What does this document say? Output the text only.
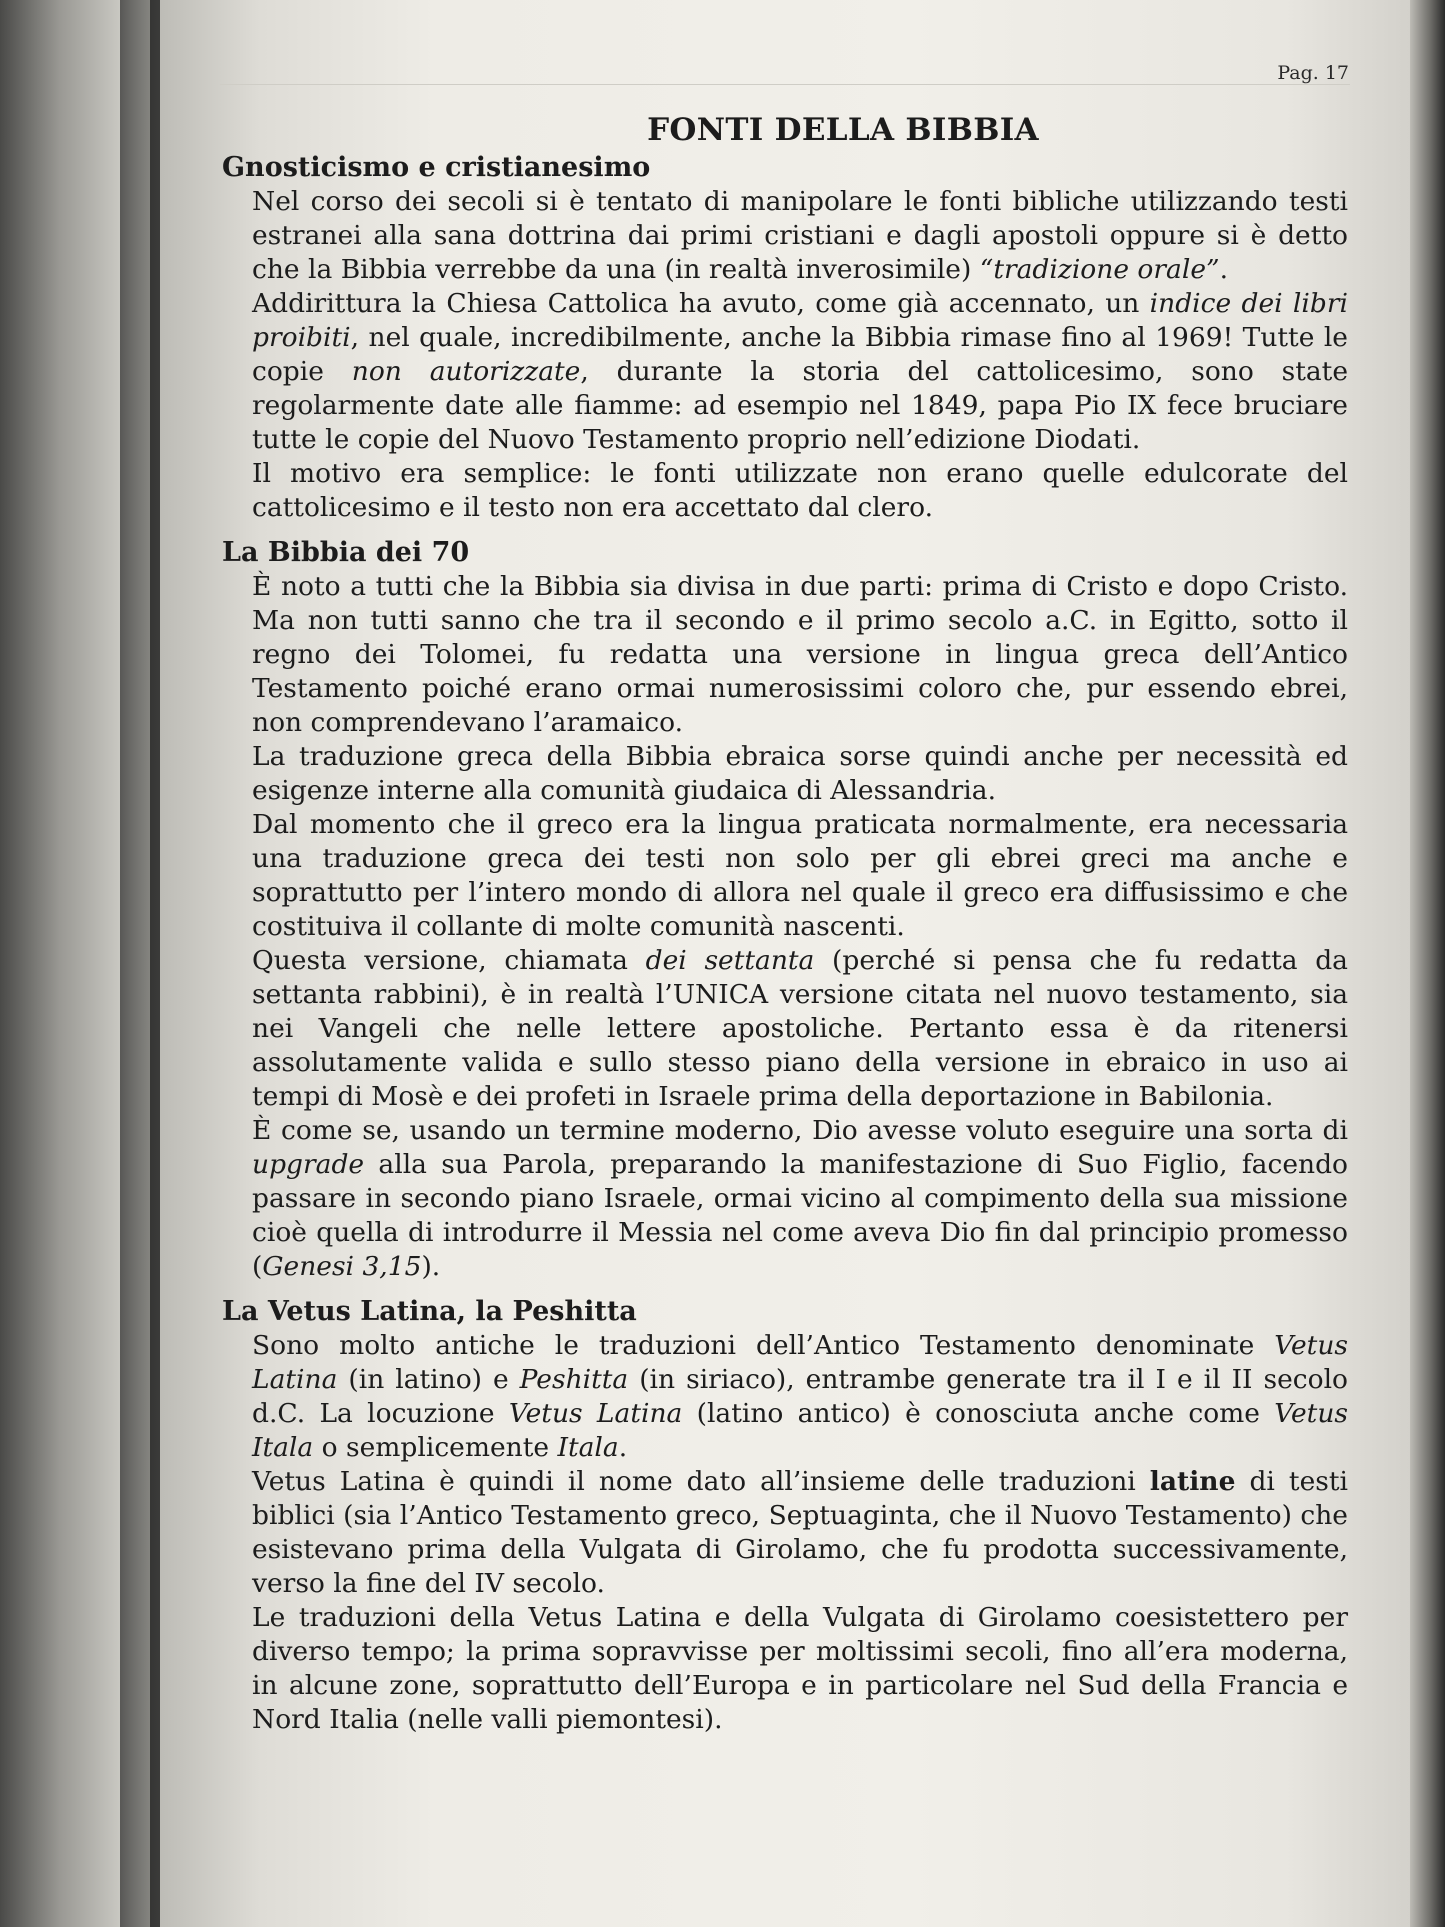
Pag. 17
FONTI DELLA BIBBIA
Gnosticismo e cristianesimo
Nel corso dei secoli si è tentato di manipolare le fonti bibliche utilizzando testi estranei alla sana dottrina dai primi cristiani e dagli apostoli oppure si è detto che la Bibbia verrebbe da una (in realtà inverosimile) “tradizione orale”.
Addirittura la Chiesa Cattolica ha avuto, come già accennato, un indice dei libri proibiti, nel quale, incredibilmente, anche la Bibbia rimase fino al 1969! Tutte le copie non autorizzate, durante la storia del cattolicesimo, sono state regolarmente date alle fiamme: ad esempio nel 1849, papa Pio IX fece bruciare tutte le copie del Nuovo Testamento proprio nell’edizione Diodati.
Il motivo era semplice: le fonti utilizzate non erano quelle edulcorate del cattolicesimo e il testo non era accettato dal clero.
La Bibbia dei 70
È noto a tutti che la Bibbia sia divisa in due parti: prima di Cristo e dopo Cristo. Ma non tutti sanno che tra il secondo e il primo secolo a.C. in Egitto, sotto il regno dei Tolomei, fu redatta una versione in lingua greca dell’Antico Testamento poiché erano ormai numerosissimi coloro che, pur essendo ebrei, non comprendevano l’aramaico.
La traduzione greca della Bibbia ebraica sorse quindi anche per necessità ed esigenze interne alla comunità giudaica di Alessandria.
Dal momento che il greco era la lingua praticata normalmente, era necessaria una traduzione greca dei testi non solo per gli ebrei greci ma anche e soprattutto per l’intero mondo di allora nel quale il greco era diffusissimo e che costituiva il collante di molte comunità nascenti.
Questa versione, chiamata dei settanta (perché si pensa che fu redatta da settanta rabbini), è in realtà l’UNICA versione citata nel nuovo testamento, sia nei Vangeli che nelle lettere apostoliche. Pertanto essa è da ritenersi assolutamente valida e sullo stesso piano della versione in ebraico in uso ai tempi di Mosè e dei profeti in Israele prima della deportazione in Babilonia.
È come se, usando un termine moderno, Dio avesse voluto eseguire una sorta di upgrade alla sua Parola, preparando la manifestazione di Suo Figlio, facendo passare in secondo piano Israele, ormai vicino al compimento della sua missione cioè quella di introdurre il Messia nel come aveva Dio fin dal principio promesso (Genesi 3,15).
La Vetus Latina, la Peshitta
Sono molto antiche le traduzioni dell’Antico Testamento denominate Vetus Latina (in latino) e Peshitta (in siriaco), entrambe generate tra il I e il II secolo d.C. La locuzione Vetus Latina (latino antico) è conosciuta anche come Vetus Itala o semplicemente Itala.
Vetus Latina è quindi il nome dato all’insieme delle traduzioni latine di testi biblici (sia l’Antico Testamento greco, Septuaginta, che il Nuovo Testamento) che esistevano prima della Vulgata di Girolamo, che fu prodotta successivamente, verso la fine del IV secolo.
Le traduzioni della Vetus Latina e della Vulgata di Girolamo coesistettero per diverso tempo; la prima sopravvisse per moltissimi secoli, fino all’era moderna, in alcune zone, soprattutto dell’Europa e in particolare nel Sud della Francia e Nord Italia (nelle valli piemontesi).
